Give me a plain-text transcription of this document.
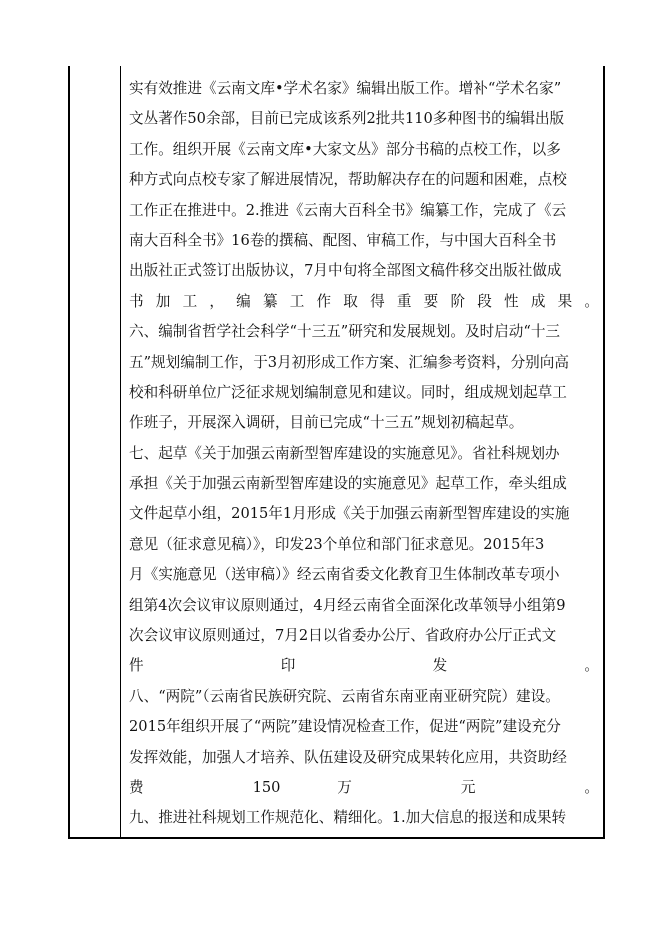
实有效推进《云南文库•学术名家》编辑出版工作。增补“学术名家”
文丛著作50余部，目前已完成该系列2批共110多种图书的编辑出版
工作。组织开展《云南文库•大家文丛》部分书稿的点校工作，以多
种方式向点校专家了解进展情况，帮助解决存在的问题和困难，点校
工作正在推进中。2.推进《云南大百科全书》编纂工作，完成了《云
南大百科全书》16卷的撰稿、配图、审稿工作，与中国大百科全书
出版社正式签订出版协议，7月中旬将全部图文稿件移交出版社做成
书 加 工 ， 编 纂 工 作 取 得 重 要 阶 段 性 成 果 。
六、编制省哲学社会科学“十三五”研究和发展规划。及时启动“十三
五”规划编制工作，于3月初形成工作方案、汇编参考资料，分别向高
校和科研单位广泛征求规划编制意见和建议。同时，组成规划起草工
作班子，开展深入调研，目前已完成“十三五”规划初稿起草。
七、起草《关于加强云南新型智库建设的实施意见》。省社科规划办
承担《关于加强云南新型智库建设的实施意见》起草工作，牵头组成
文件起草小组，2015年1月形成《关于加强云南新型智库建设的实施
意见（征求意见稿）》，印发23个单位和部门征求意见。2015年3
月《实施意见（送审稿）》经云南省委文化教育卫生体制改革专项小
组第4次会议审议原则通过，4月经云南省全面深化改革领导小组第9
次会议审议原则通过，7月2日以省委办公厅、省政府办公厅正式文
件 印 发 。
八、“两院”（云南省民族研究院、云南省东南亚南亚研究院）建设。
2015年组织开展了“两院”建设情况检查工作，促进“两院”建设充分
发挥效能，加强人才培养、队伍建设及研究成果转化应用，共资助经
费 150 万 元 。
九、推进社科规划工作规范化、精细化。1.加大信息的报送和成果转
